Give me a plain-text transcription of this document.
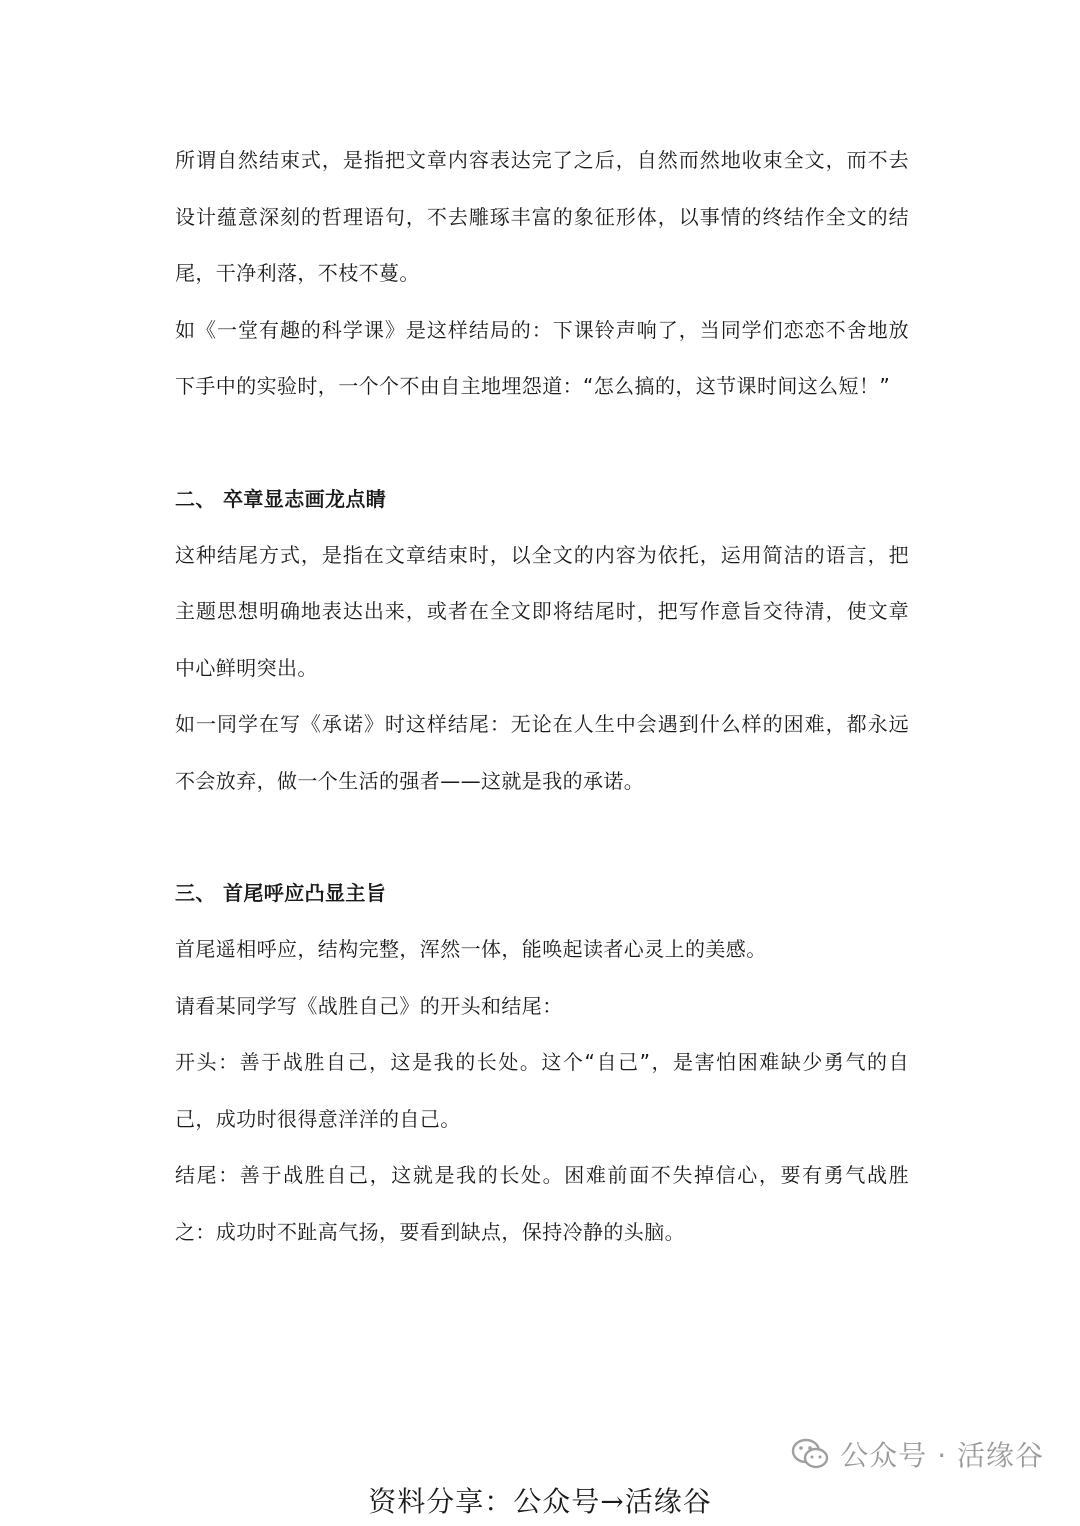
所谓自然结束式，是指把文章内容表达完了之后，自然而然地收束全文，而不去设计蕴意深刻的哲理语句，不去雕琢丰富的象征形体，以事情的终结作全文的结尾，干净利落，不枝不蔓。

如《一堂有趣的科学课》是这样结局的：下课铃声响了，当同学们恋恋不舍地放下手中的实验时，一个个不由自主地埋怨道：“怎么搞的，这节课时间这么短！”

二、 卒章显志画龙点睛

这种结尾方式，是指在文章结束时，以全文的内容为依托，运用简洁的语言，把主题思想明确地表达出来，或者在全文即将结尾时，把写作意旨交待清，使文章中心鲜明突出。

如一同学在写《承诺》时这样结尾：无论在人生中会遇到什么样的困难，都永远不会放弃，做一个生活的强者——这就是我的承诺。

三、 首尾呼应凸显主旨

首尾遥相呼应，结构完整，浑然一体，能唤起读者心灵上的美感。

请看某同学写《战胜自己》的开头和结尾：

开头：善于战胜自己，这是我的长处。这个“自己”，是害怕困难缺少勇气的自己，成功时很得意洋洋的自己。

结尾：善于战胜自己，这就是我的长处。困难前面不失掉信心，要有勇气战胜之：成功时不趾高气扬，要看到缺点，保持冷静的头脑。

公众号 · 活缘谷
资料分享：公众号→活缘谷
